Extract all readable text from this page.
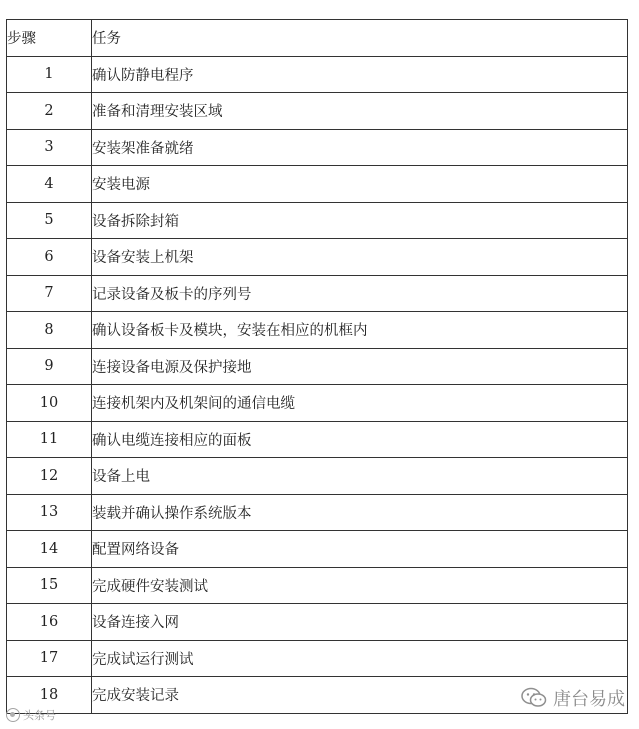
步骤	任务
1	确认防静电程序
2	准备和清理安装区域
3	安装架准备就绪
4	安装电源
5	设备拆除封箱
6	设备安装上机架
7	记录设备及板卡的序列号
8	确认设备板卡及模块，安装在相应的机框内
9	连接设备电源及保护接地
10	连接机架内及机架间的通信电缆
11	确认电缆连接相应的面板
12	设备上电
13	装载并确认操作系统版本
14	配置网络设备
15	完成硬件安装测试
16	设备连接入网
17	完成试运行测试
18	完成安装记录	唐台易成
头条号
